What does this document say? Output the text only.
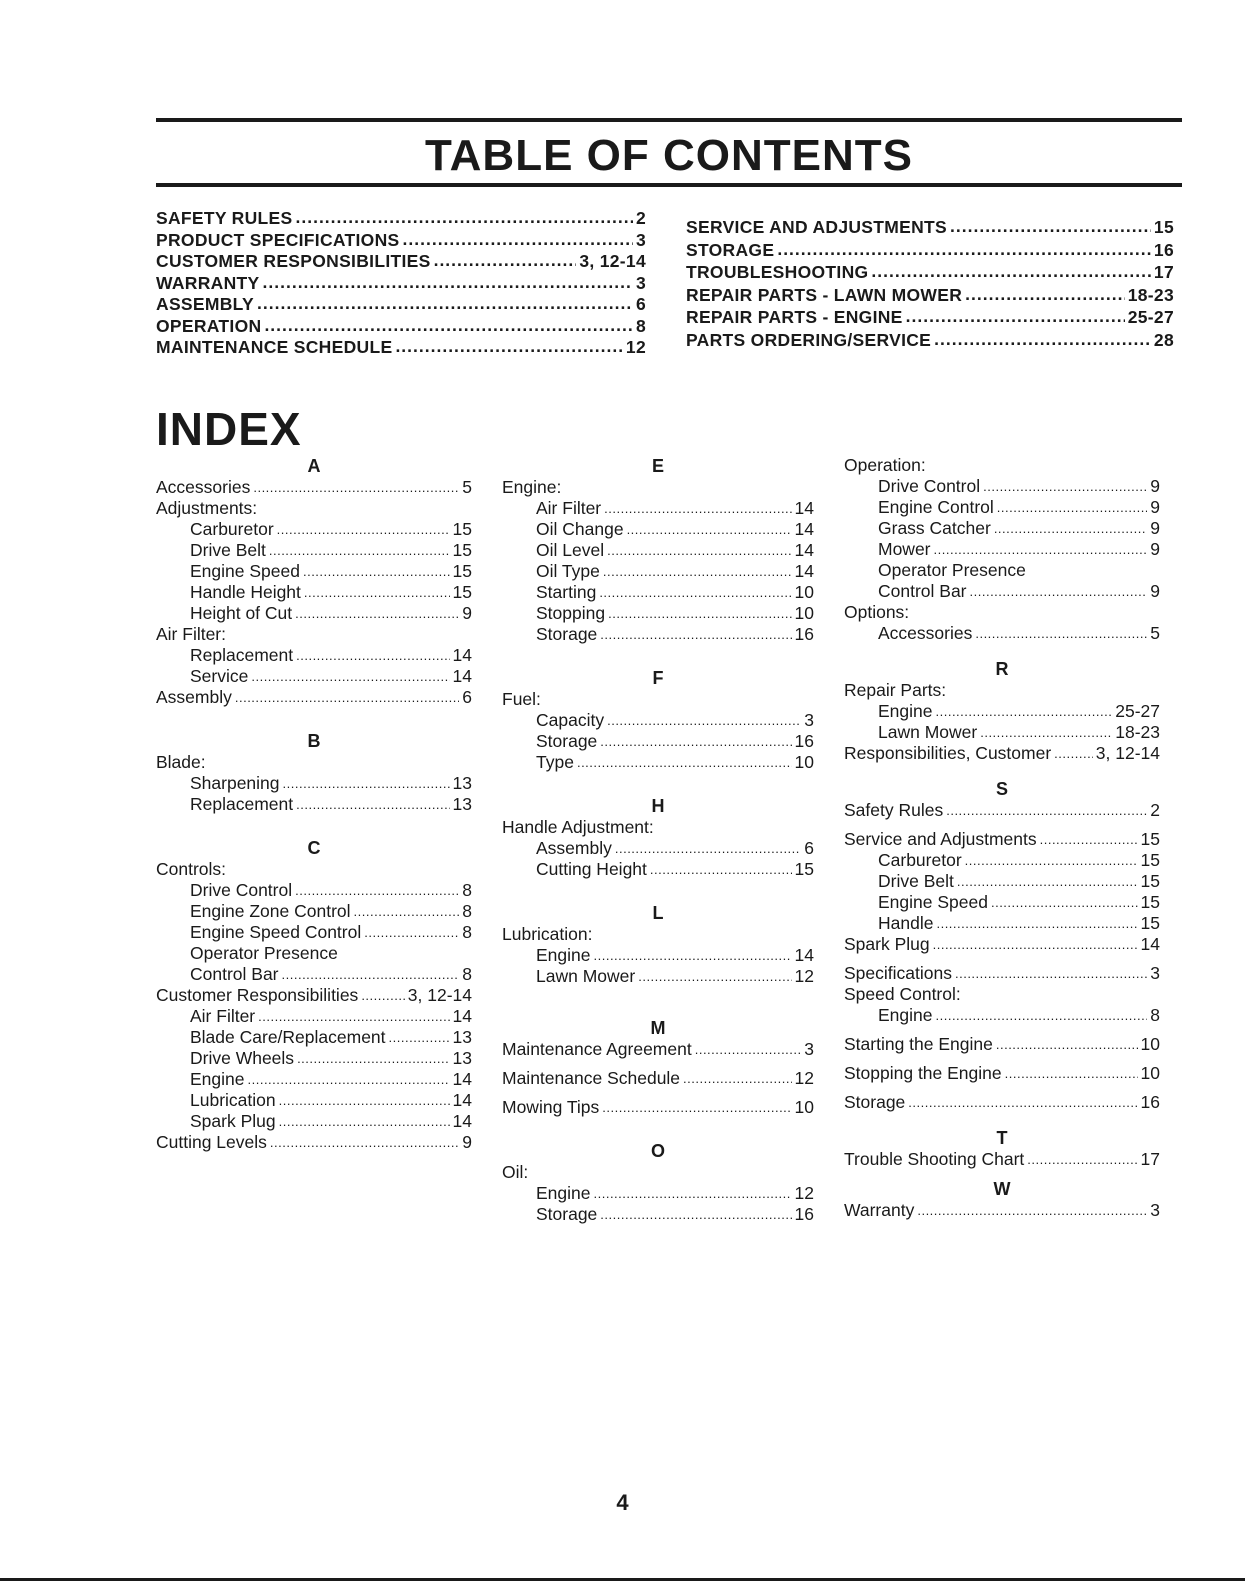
TABLE OF CONTENTS
SAFETY RULES .....	2
PRODUCT SPECIFICATIONS .....	3
CUSTOMER RESPONSIBILITIES .....	3, 12-14
WARRANTY .....	3
ASSEMBLY .....	6
OPERATION .....	8
MAINTENANCE SCHEDULE .....	12
SERVICE AND ADJUSTMENTS .....	15
STORAGE .....	16
TROUBLESHOOTING .....	17
REPAIR PARTS - LAWN MOWER .....	18-23
REPAIR PARTS - ENGINE .....	25-27
PARTS ORDERING/SERVICE .....	28
INDEX
A
Accessories .....	5
Adjustments:
Carburetor .....	15
Drive Belt .....	15
Engine Speed .....	15
Handle Height .....	15
Height of Cut .....	9
Air Filter:
Replacement .....	14
Service .....	14
Assembly .....	6
B
Blade:
Sharpening .....	13
Replacement .....	13
C
Controls:
Drive Control .....	8
Engine Zone Control .....	8
Engine Speed Control .....	8
Operator Presence
Control Bar .....	8
Customer Responsibilities .....	3, 12-14
Air Filter .....	14
Blade Care/Replacement .....	13
Drive Wheels .....	13
Engine .....	14
Lubrication .....	14
Spark Plug .....	14
Cutting Levels .....	9
E
Engine:
Air Filter .....	14
Oil Change .....	14
Oil Level .....	14
Oil Type .....	14
Starting .....	10
Stopping .....	10
Storage .....	16
F
Fuel:
Capacity .....	3
Storage .....	16
Type .....	10
H
Handle Adjustment:
Assembly .....	6
Cutting Height .....	15
L
Lubrication:
Engine .....	14
Lawn Mower .....	12
M
Maintenance Agreement .....	3
Maintenance Schedule .....	12
Mowing Tips .....	10
O
Oil:
Engine .....	12
Storage .....	16
Operation:
Drive Control .....	9
Engine Control .....	9
Grass Catcher .....	9
Mower .....	9
Operator Presence
Control Bar .....	9
Options:
Accessories .....	5
R
Repair Parts:
Engine .....	25-27
Lawn Mower .....	18-23
Responsibilities, Customer .....	3, 12-14
S
Safety Rules .....	2
Service and Adjustments .....	15
Carburetor .....	15
Drive Belt .....	15
Engine Speed .....	15
Handle .....	15
Spark Plug .....	14
Specifications .....	3
Speed Control:
Engine .....	8
Starting the Engine .....	10
Stopping the Engine .....	10
Storage .....	16
T
Trouble Shooting Chart .....	17
W
Warranty .....	3
4
